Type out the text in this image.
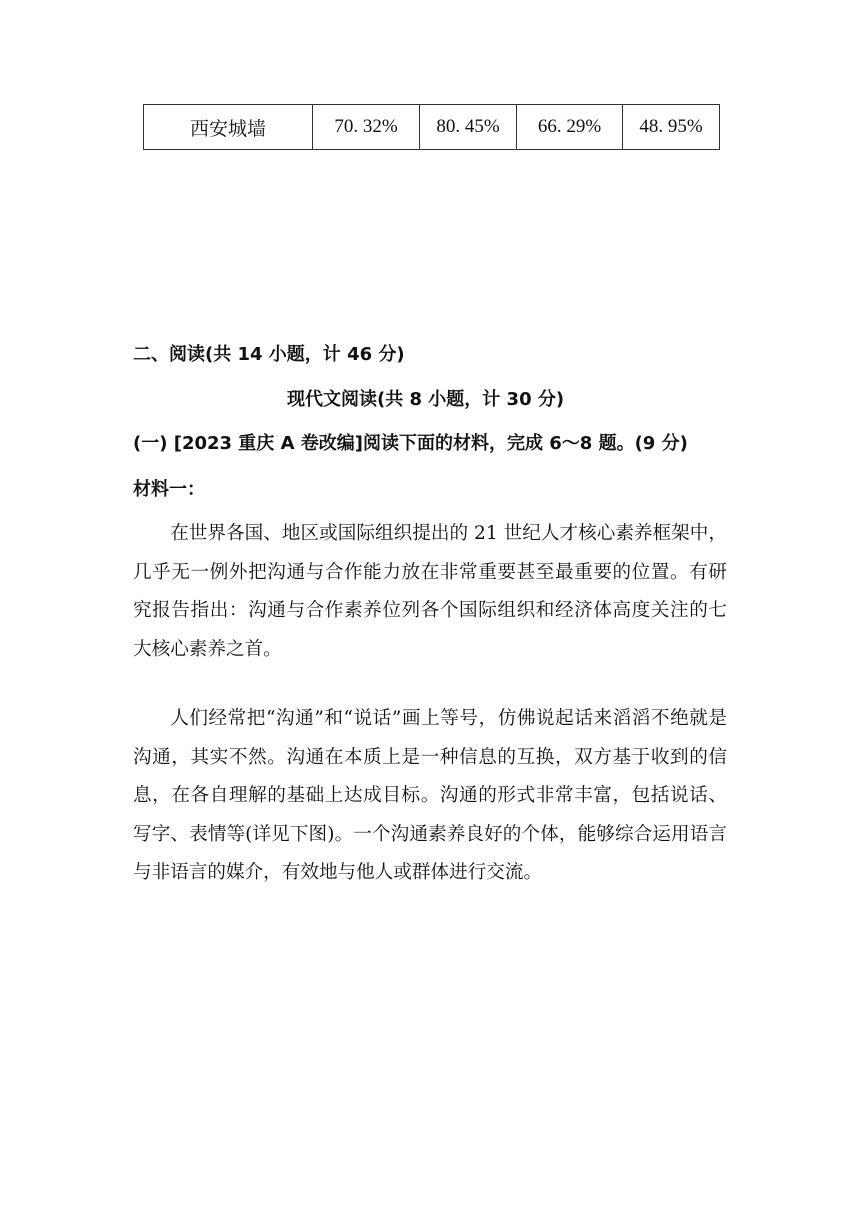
西安城墙	70. 32%	80. 45%	66. 29%	48. 95%
二、阅读(共 14 小题，计 46 分)
现代文阅读(共 8 小题，计 30 分)
(一) [2023 重庆 A 卷改编]阅读下面的材料，完成 6～8 题。(9 分)
材料一：
在世界各国、地区或国际组织提出的 21 世纪人才核心素养框架中，几乎无一例外把沟通与合作能力放在非常重要甚至最重要的位置。有研究报告指出：沟通与合作素养位列各个国际组织和经济体高度关注的七大核心素养之首。
人们经常把“沟通”和“说话”画上等号，仿佛说起话来滔滔不绝就是沟通，其实不然。沟通在本质上是一种信息的互换，双方基于收到的信息，在各自理解的基础上达成目标。沟通的形式非常丰富，包括说话、写字、表情等(详见下图)。一个沟通素养良好的个体，能够综合运用语言与非语言的媒介，有效地与他人或群体进行交流。
